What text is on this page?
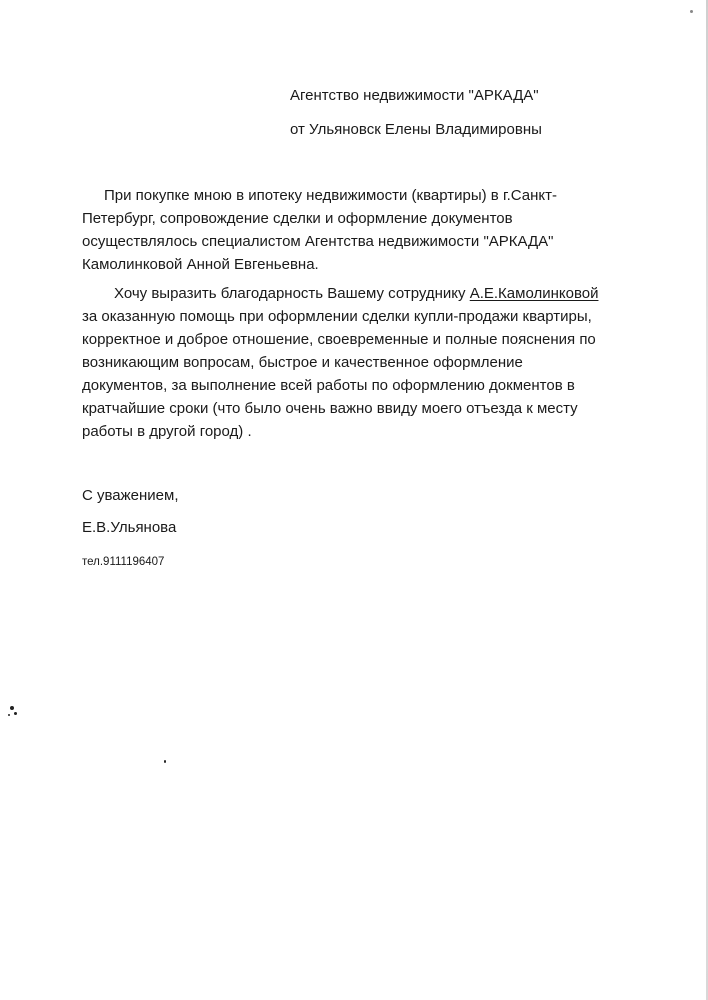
Агентство недвижимости "АРКАДА"
от Ульяновск Елены Владимировны
При покупке мною в ипотеку недвижимости (квартиры) в г.Санкт-
Петербург, сопровождение сделки и оформление документов
осуществлялось специалистом Агентства недвижимости "АРКАДА"
Камолинковой Анной Евгеньевна.
Хочу выразить благодарность Вашему сотруднику А.Е.Камолинковой
за оказанную помощь при оформлении сделки купли-продажи квартиры,
корректное и доброе отношение, своевременные и полные пояснения по
возникающим вопросам, быстрое и качественное оформление
документов, за выполнение всей работы по оформлению докментов в
кратчайшие сроки (что было очень важно ввиду моего отъезда к месту
работы в другой город) .
С уважением,
Е.В.Ульянова
тел.9111196407
